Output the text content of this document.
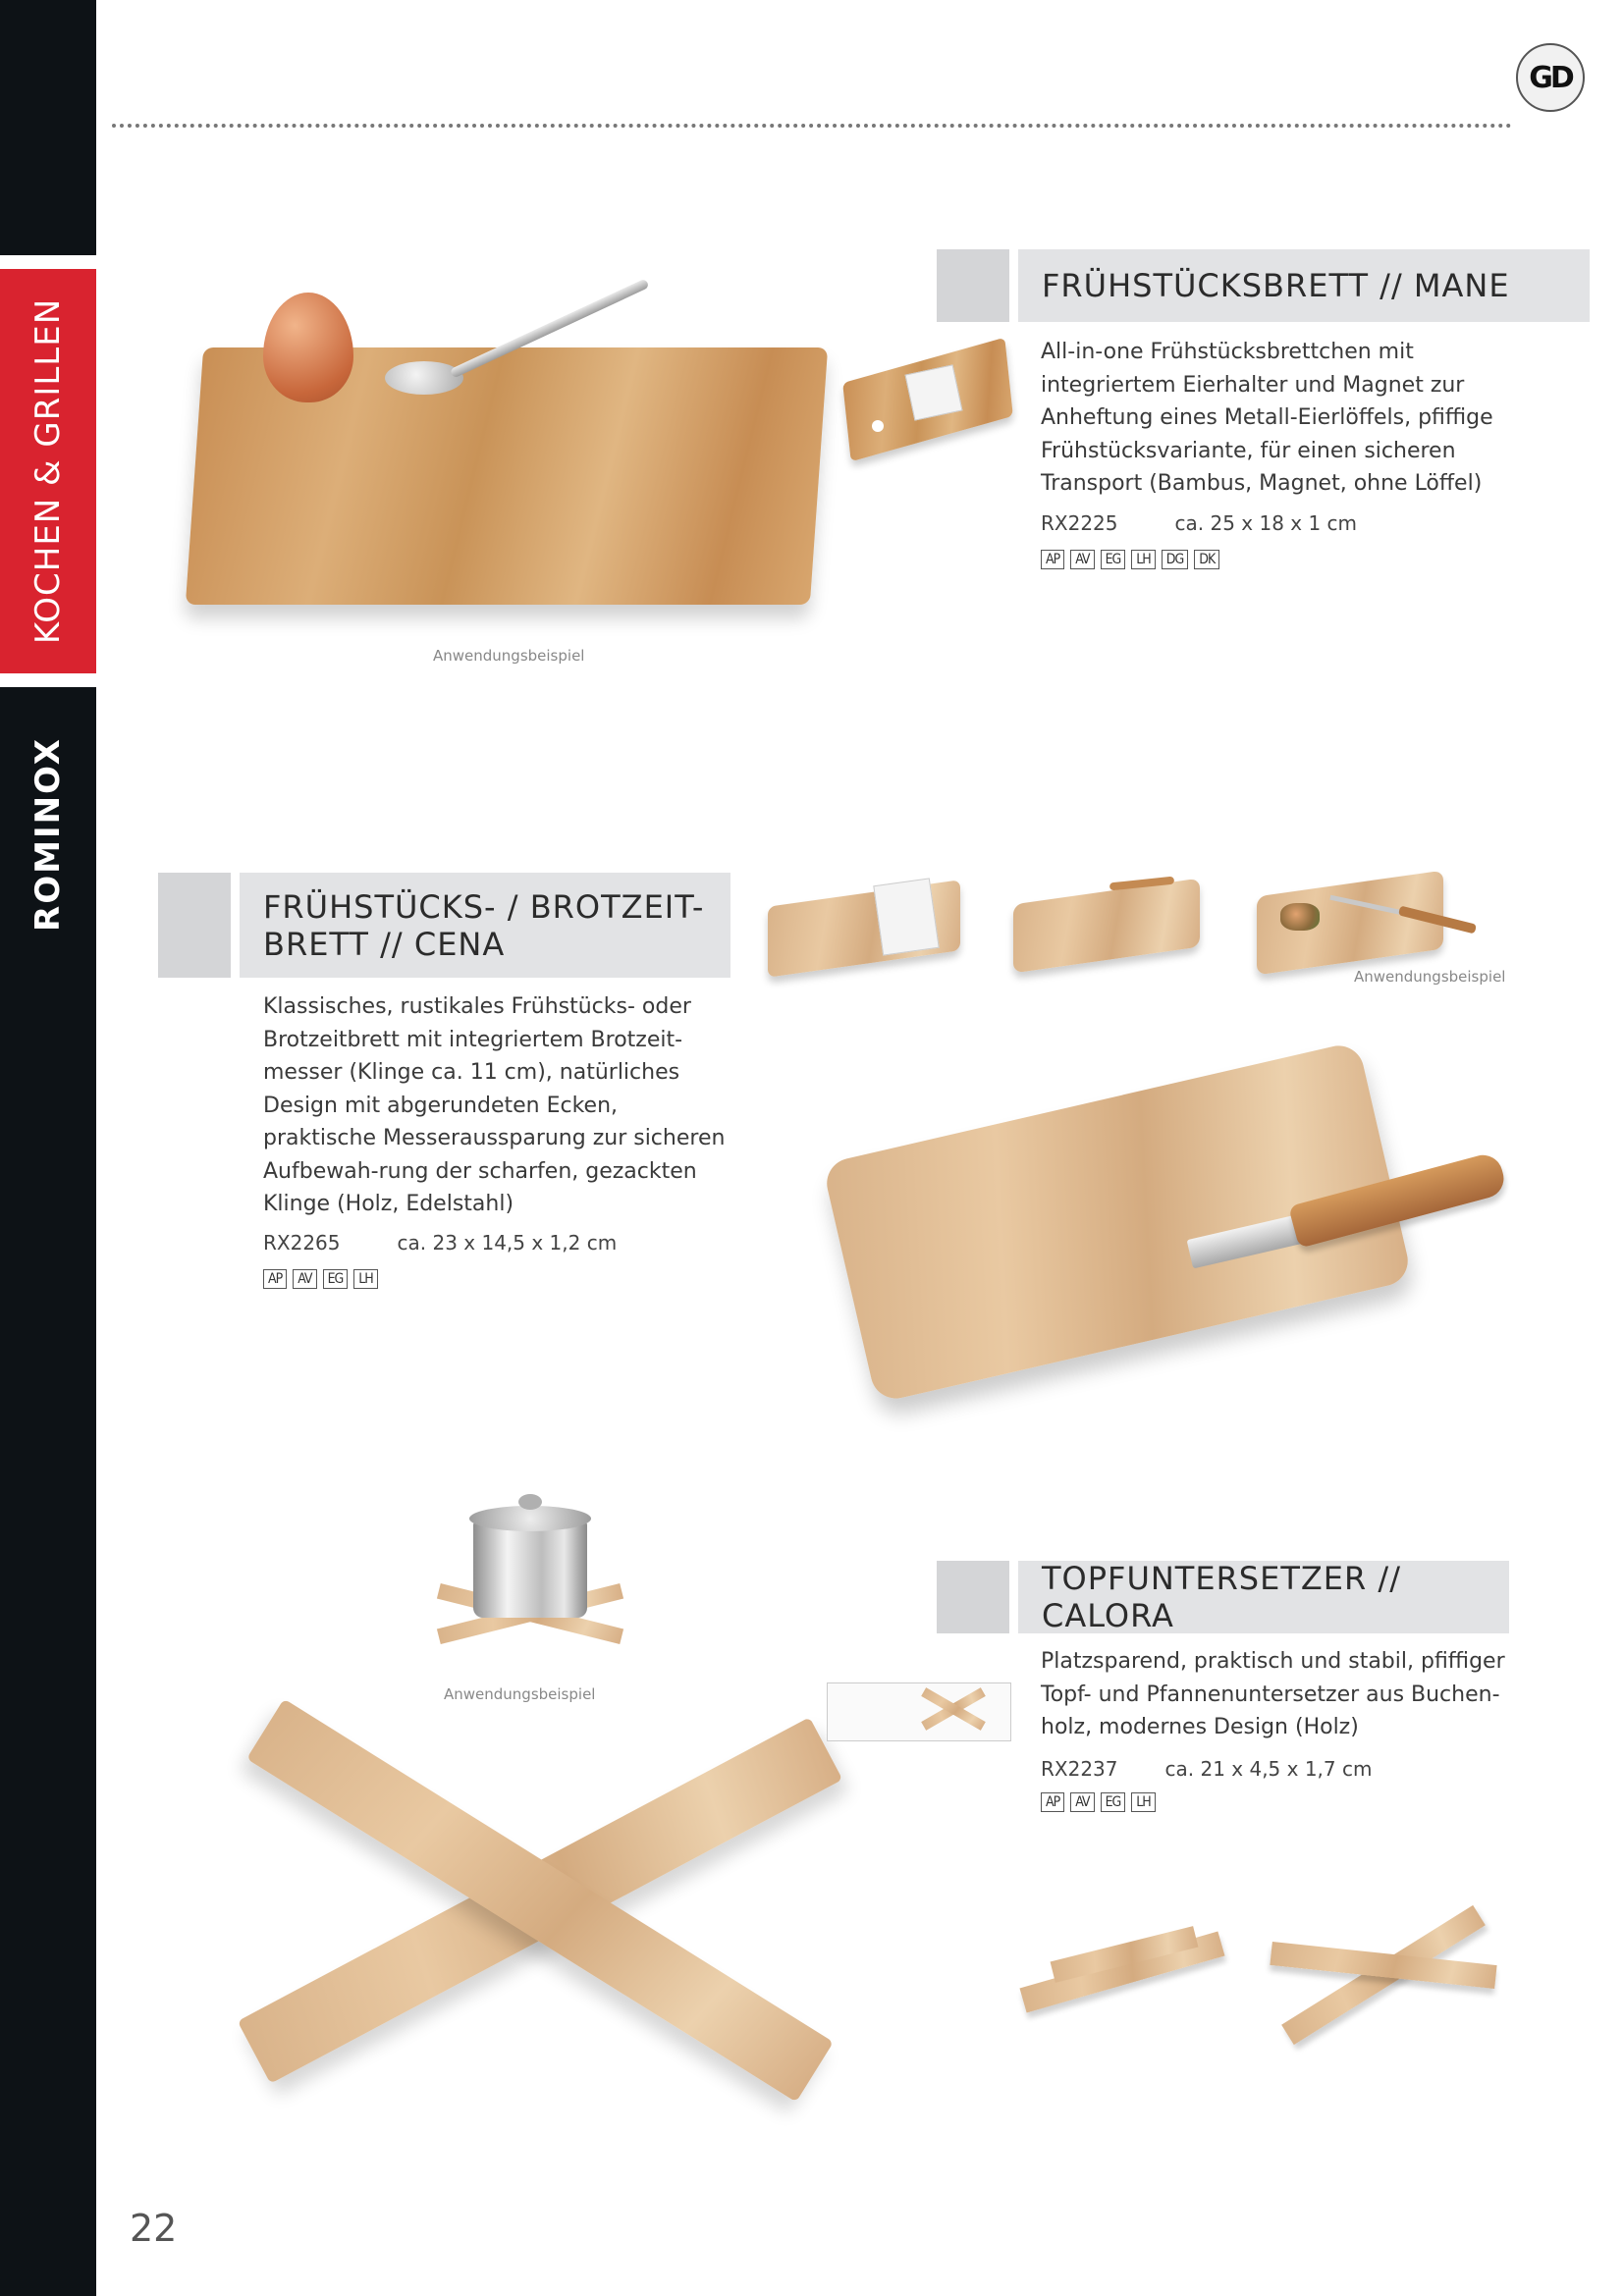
KOCHEN & GRILLEN
ROMINOX
22
GD
Anwendungsbeispiel
FRÜHSTÜCKSBRETT // MANE

All-in-one Frühstücksbrettchen mit integriertem Eierhalter und Magnet zur Anheftung eines Metall-Eierlöffels, pfiffige Frühstücksvariante, für einen sicheren Transport (Bambus, Magnet, ohne Löffel)

RX2225	ca. 25 x 18 x 1 cm
AP	AV	EG	LH	DG	DK
FRÜHSTÜCKS- / BROTZEIT-
BRETT // CENA

Klassisches, rustikales Frühstücks- oder Brotzeitbrett mit integriertem Brotzeit-messer (Klinge ca. 11 cm), natürliches Design mit abgerundeten Ecken, praktische Messeraussparung zur sicheren Aufbewah-rung der scharfen, gezackten Klinge (Holz, Edelstahl)

RX2265	ca. 23 x 14,5 x 1,2 cm
AP	AV	EG	LH
Anwendungsbeispiel
Anwendungsbeispiel
TOPFUNTERSETZER // CALORA

Platzsparend, praktisch und stabil, pfiffiger Topf- und Pfannenuntersetzer aus Buchen-holz, modernes Design (Holz)

RX2237 ca. 21 x 4,5 x 1,7 cm
AP	AV	EG	LH
